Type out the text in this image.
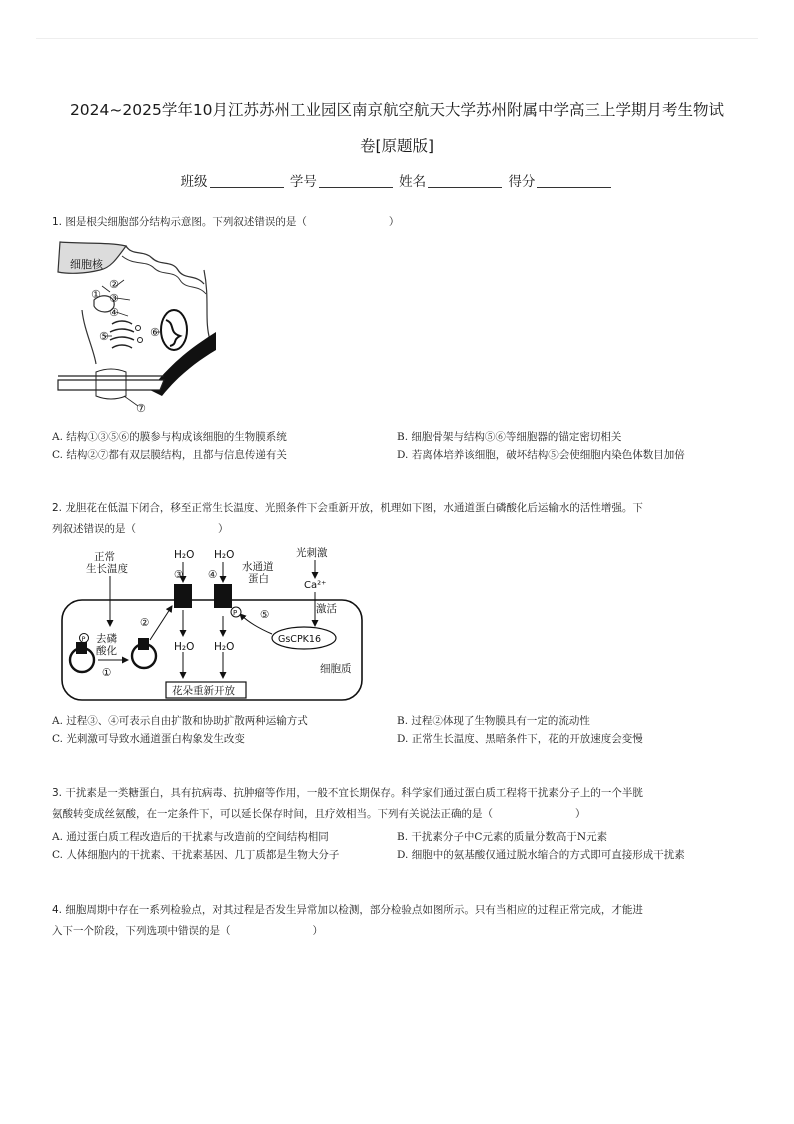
2024~2025学年10月江苏苏州工业园区南京航空航天大学苏州附属中学高三上学期月考生物试
卷[原题版]
班级	学号	姓名	得分
1. 图是根尖细胞部分结构示意图。下列叙述错误的是（	）
细胞核
①
②
③
④
⑤	⑥
⑦
A. 结构①③⑤⑥的膜参与构成该细胞的生物膜系统	B. 细胞骨架与结构⑤⑥等细胞器的锚定密切相关
C. 结构②⑦都有双层膜结构，且都与信息传递有关	D. 若离体培养该细胞，破坏结构⑤会使细胞内染色体数目加倍
2. 龙胆花在低温下闭合，移至正常生长温度、光照条件下会重新开放，机理如下图，水通道蛋白磷酸化后运输水的活性增强。下
列叙述错误的是（	）
正常
生长温度
H₂O H₂O
③ ④
水通道
蛋白
光刺激
Ca²⁺
激活
GsCPK16
⑤
P
P 去磷
酸化
①
②
H₂O H₂O
花朵重新开放
细胞质
A. 过程③、④可表示自由扩散和协助扩散两种运输方式	B. 过程②体现了生物膜具有一定的流动性
C. 光刺激可导致水通道蛋白构象发生改变	D. 正常生长温度、黑暗条件下，花的开放速度会变慢
3. 干扰素是一类糖蛋白，具有抗病毒、抗肿瘤等作用，一般不宜长期保存。科学家们通过蛋白质工程将干扰素分子上的一个半胱
氨酸转变成丝氨酸，在一定条件下，可以延长保存时间，且疗效相当。下列有关说法正确的是（	）
A. 通过蛋白质工程改造后的干扰素与改造前的空间结构相同	B. 干扰素分子中C元素的质量分数高于N元素
C. 人体细胞内的干扰素、干扰素基因、几丁质都是生物大分子	D. 细胞中的氨基酸仅通过脱水缩合的方式即可直接形成干扰素
4. 细胞周期中存在一系列检验点，对其过程是否发生异常加以检测，部分检验点如图所示。只有当相应的过程正常完成，才能进
入下一个阶段，下列选项中错误的是（	）
